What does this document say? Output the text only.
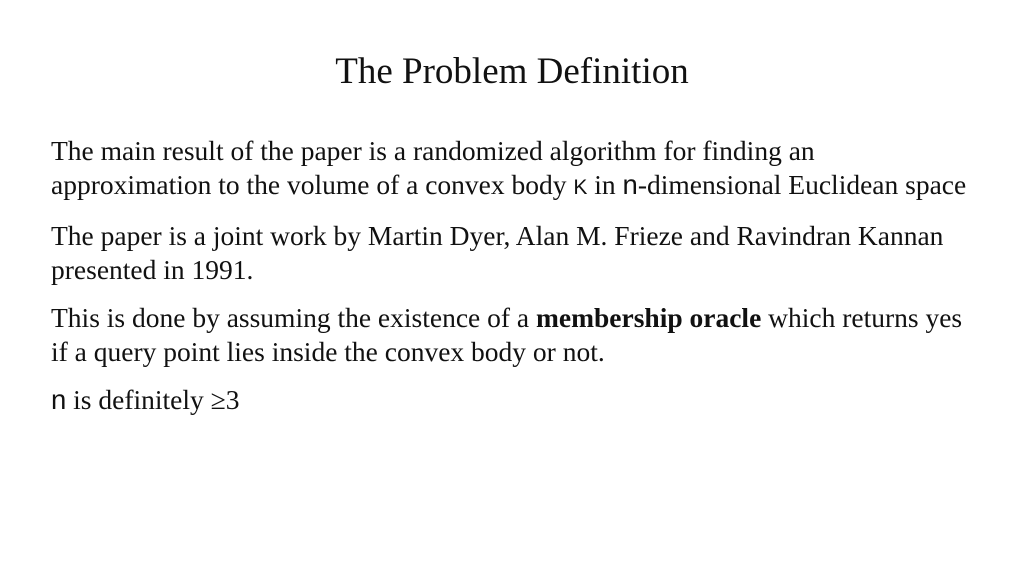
The Problem Definition

The main result of the paper is a randomized algorithm for finding an approximation to the volume of a convex body K in n-dimensional Euclidean space

The paper is a joint work by Martin Dyer, Alan M. Frieze and Ravindran Kannan presented in 1991.

This is done by assuming the existence of a membership oracle which returns yes if a query point lies inside the convex body or not.

n is definitely ≥3
